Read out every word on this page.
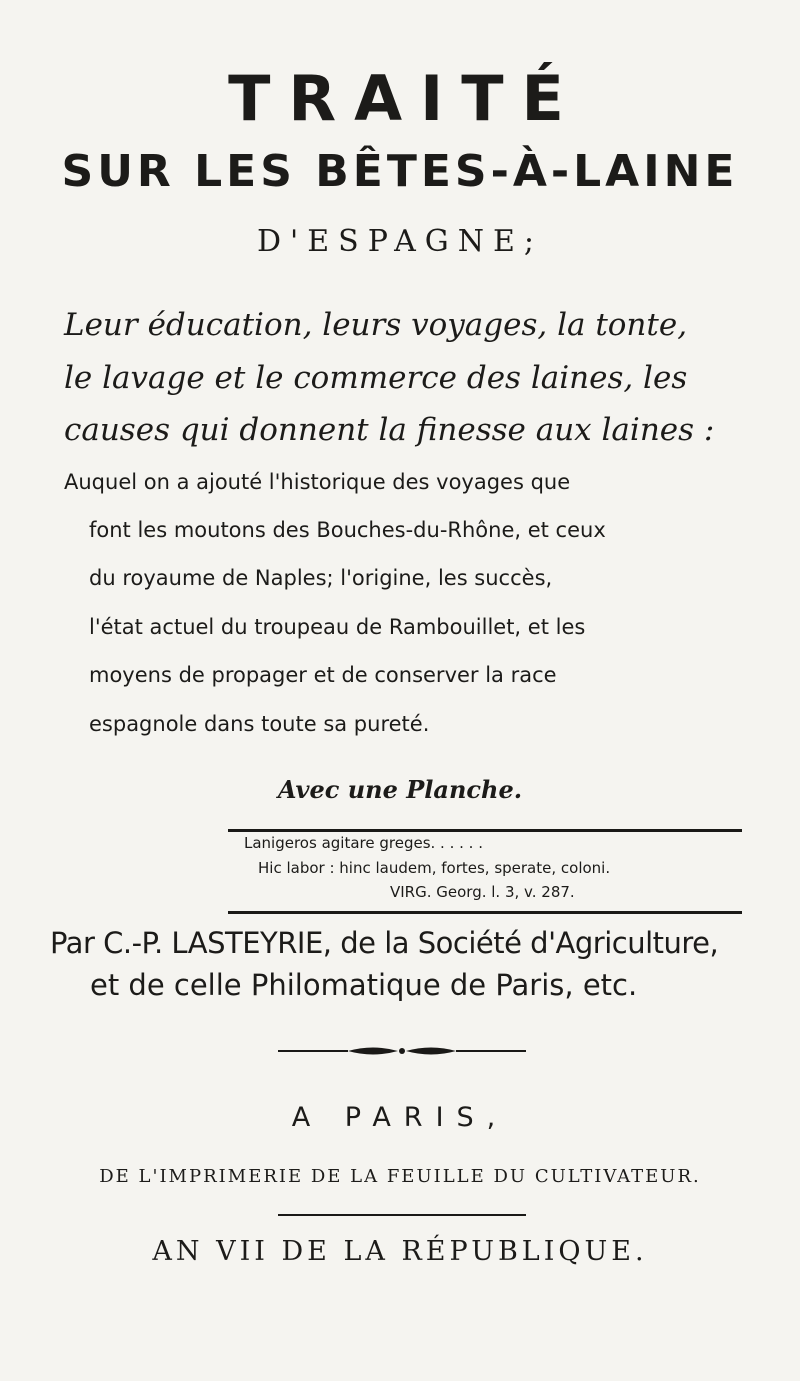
TRAITÉ
SUR LES BÊTES-À-LAINE
D'ESPAGNE;
Leur éducation, leurs voyages, la tonte,
le lavage et le commerce des laines, les
causes qui donnent la finesse aux laines :
Auquel on a ajouté l'historique des voyages que
font les moutons des Bouches-du-Rhône, et ceux
du royaume de Naples; l'origine, les succès,
l'état actuel du troupeau de Rambouillet, et les
moyens de propager et de conserver la race
espagnole dans toute sa pureté.
Avec une Planche.
Lanigeros agitare greges. . . . . .
Hic labor : hinc laudem, fortes, sperate, coloni.
VIRG. Georg. l. 3, v. 287.
Par C.-P. LASTEYRIE, de la Société d'Agriculture,
et de celle Philomatique de Paris, etc.
A PARIS,
DE L'IMPRIMERIE DE LA FEUILLE DU CULTIVATEUR.
AN VII DE LA RÉPUBLIQUE.
